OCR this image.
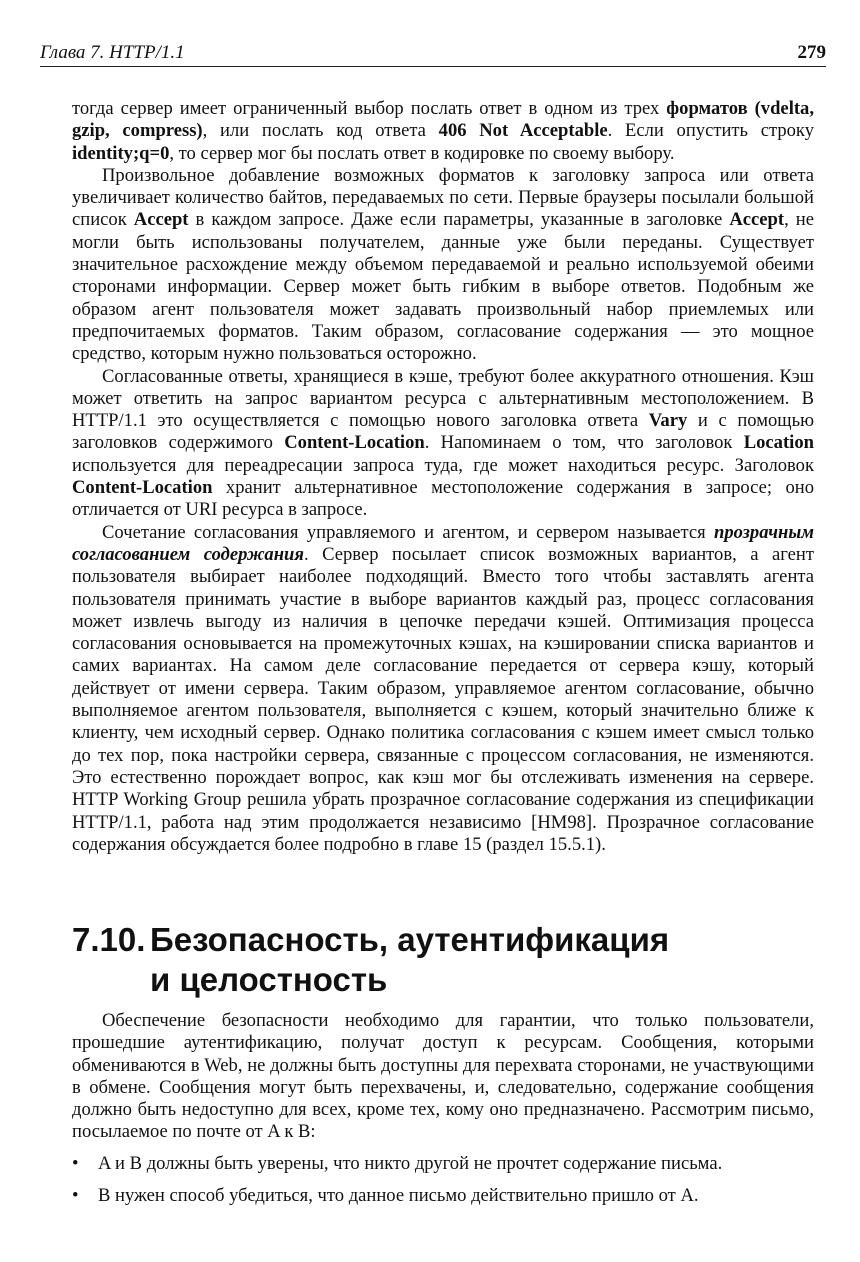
Глава 7. HTTP/1.1	279

тогда сервер имеет ограниченный выбор послать ответ в одном из трех форматов (vdelta, gzip, compress), или послать код ответа 406 Not Acceptable. Если опустить строку identity;q=0, то сервер мог бы послать ответ в кодировке по своему выбору.

Произвольное добавление возможных форматов к заголовку запроса или ответа увеличивает количество байтов, передаваемых по сети. Первые браузеры посылали большой список Accept в каждом запросе. Даже если параметры, указанные в заголовке Accept, не могли быть использованы получателем, данные уже были переданы. Существует значительное расхождение между объемом передаваемой и реально используемой обеими сторонами информации. Сервер может быть гибким в выборе ответов. Подобным же образом агент пользователя может задавать произвольный набор приемлемых или предпочитаемых форматов. Таким образом, согласование содержания — это мощное средство, которым нужно пользоваться осторожно.

Согласованные ответы, хранящиеся в кэше, требуют более аккуратного отношения. Кэш может ответить на запрос вариантом ресурса с альтернативным местоположением. В HTTP/1.1 это осуществляется с помощью нового заголовка ответа Vary и с помощью заголовков содержимого Content-Location. Напоминаем о том, что заголовок Location используется для переадресации запроса туда, где может находиться ресурс. Заголовок Content-Location хранит альтернативное местоположение содержания в запросе; оно отличается от URI ресурса в запросе.

Сочетание согласования управляемого и агентом, и сервером называется прозрачным согласованием содержания. Сервер посылает список возможных вариантов, а агент пользователя выбирает наиболее подходящий. Вместо того чтобы заставлять агента пользователя принимать участие в выборе вариантов каждый раз, процесс согласования может извлечь выгоду из наличия в цепочке передачи кэшей. Оптимизация процесса согласования основывается на промежуточных кэшах, на кэшировании списка вариантов и самих вариантах. На самом деле согласование передается от сервера кэшу, который действует от имени сервера. Таким образом, управляемое агентом согласование, обычно выполняемое агентом пользователя, выполняется с кэшем, который значительно ближе к клиенту, чем исходный сервер. Однако политика согласования с кэшем имеет смысл только до тех пор, пока настройки сервера, связанные с процессом согласования, не изменяются. Это естественно порождает вопрос, как кэш мог бы отслеживать изменения на сервере. HTTP Working Group решила убрать прозрачное согласование содержания из спецификации HTTP/1.1, работа над этим продолжается независимо [HM98]. Прозрачное согласование содержания обсуждается более подробно в главе 15 (раздел 15.5.1).

7.10. Безопасность, аутентификация
и целостность

Обеспечение безопасности необходимо для гарантии, что только пользователи, прошедшие аутентификацию, получат доступ к ресурсам. Сообщения, которыми обмениваются в Web, не должны быть доступны для перехвата сторонами, не участвующими в обмене. Сообщения могут быть перехвачены, и, следовательно, содержание сообщения должно быть недоступно для всех, кроме тех, кому оно предназначено. Рассмотрим письмо, посылаемое по почте от A к B:

• A и B должны быть уверены, что никто другой не прочтет содержание письма.
• B нужен способ убедиться, что данное письмо действительно пришло от A.
